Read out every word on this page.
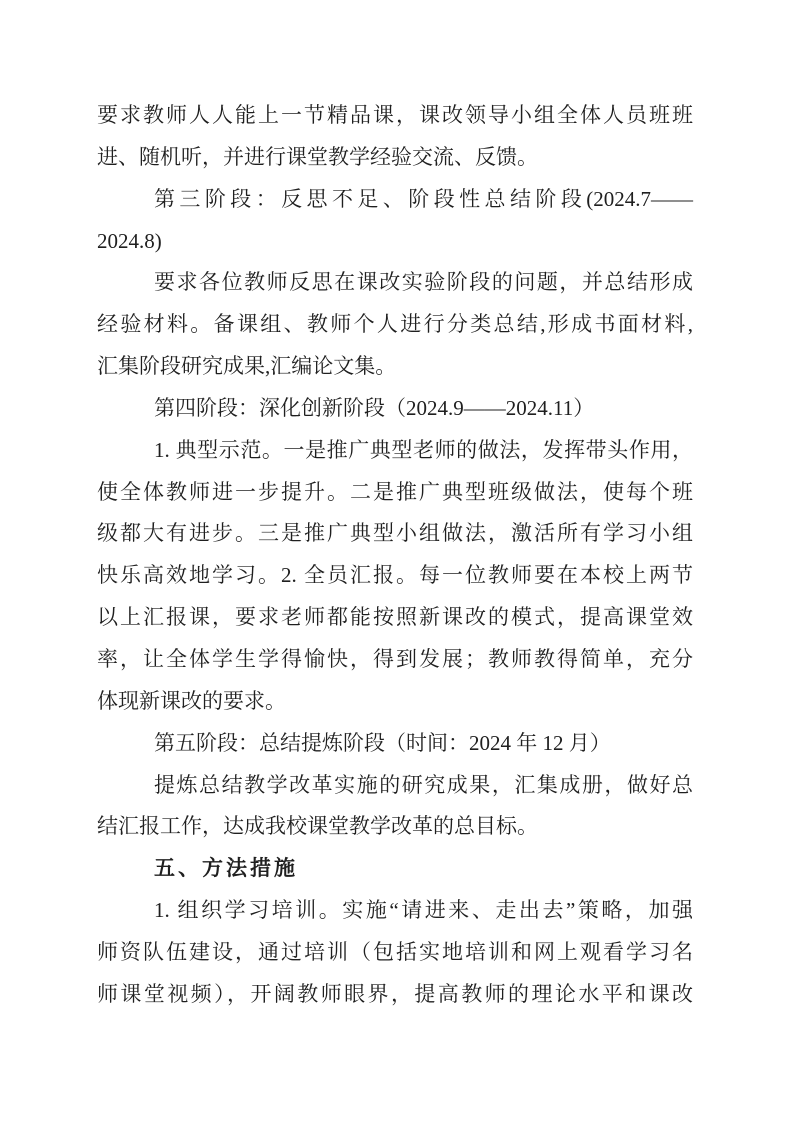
要求教师人人能上一节精品课，课改领导小组全体人员班班
进、随机听，并进行课堂教学经验交流、反馈。
第三阶段：反思不足、阶段性总结阶段(2024.7——
2024.8)
要求各位教师反思在课改实验阶段的问题，并总结形成
经验材料。备课组、教师个人进行分类总结,形成书面材料,
汇集阶段研究成果,汇编论文集。
第四阶段：深化创新阶段（2024.9——2024.11）
1. 典型示范。一是推广典型老师的做法，发挥带头作用，
使全体教师进一步提升。二是推广典型班级做法，使每个班
级都大有进步。三是推广典型小组做法，激活所有学习小组
快乐高效地学习。2. 全员汇报。每一位教师要在本校上两节
以上汇报课，要求老师都能按照新课改的模式，提高课堂效
率，让全体学生学得愉快，得到发展；教师教得简单，充分
体现新课改的要求。
第五阶段：总结提炼阶段（时间：2024 年 12 月）
提炼总结教学改革实施的研究成果，汇集成册，做好总
结汇报工作，达成我校课堂教学改革的总目标。
五、方法措施
1. 组织学习培训。实施“请进来、走出去”策略，加强
师资队伍建设，通过培训（包括实地培训和网上观看学习名
师课堂视频），开阔教师眼界，提高教师的理论水平和课改
